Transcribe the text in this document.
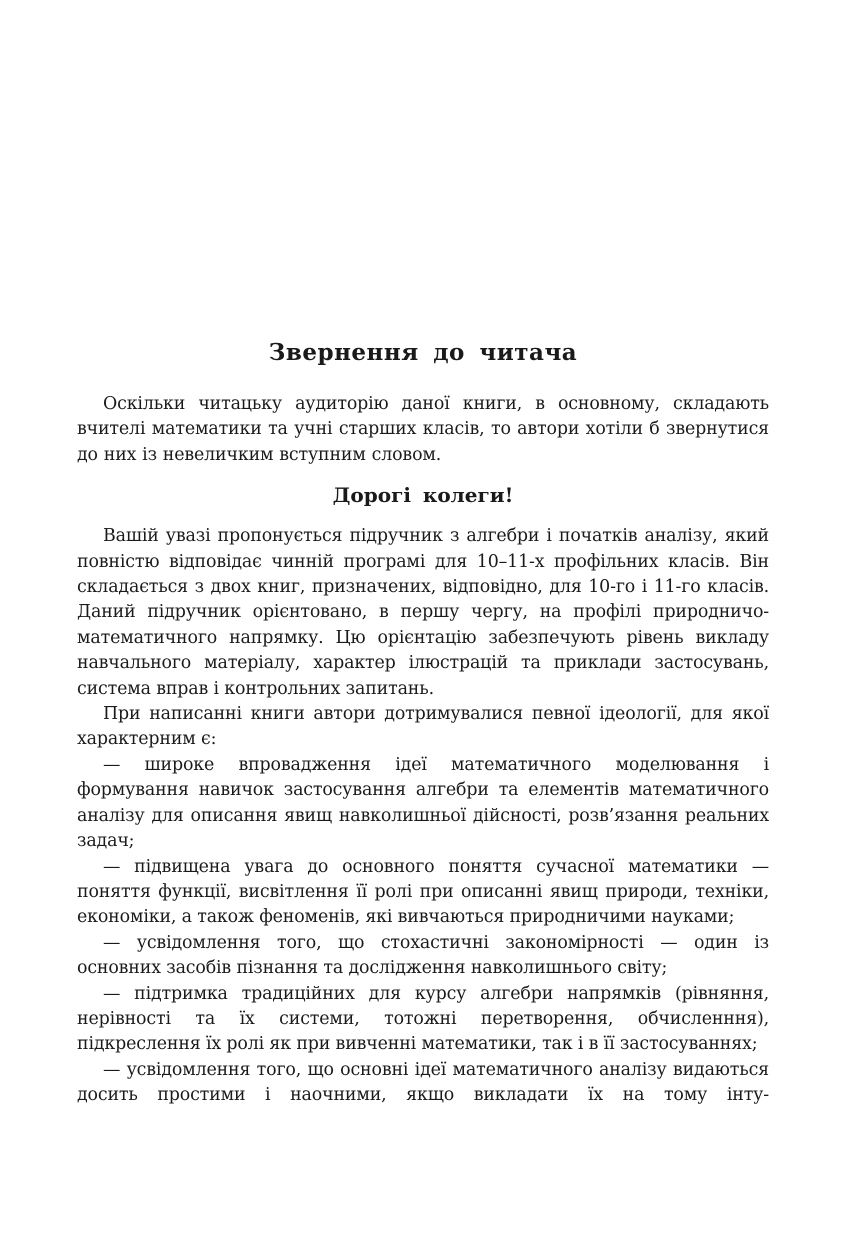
Звернення до читача

Оскільки читацьку аудиторію даної книги, в основному, складають вчителі математики та учні старших класів, то автори хотіли б звернутися до них із невеличким вступним словом.

Дорогі колеги!

Вашій увазі пропонується підручник з алгебри і початків аналізу, який повністю відповідає чинній програмі для 10–11-х профільних класів. Він складається з двох книг, призначених, відповідно, для 10-го і 11-го класів. Даний підручник орієнтовано, в першу чергу, на профілі природничо-математичного напрямку. Цю орієнтацію забезпечують рівень викладу навчального матеріалу, характер ілюстрацій та приклади застосувань, система вправ і контрольних запитань.

При написанні книги автори дотримувалися певної ідеології, для якої характерним є:

— широке впровадження ідеї математичного моделювання і формування навичок застосування алгебри та елементів математичного аналізу для описання явищ навколишньої дійсності, розв’язання реальних задач;

— підвищена увага до основного поняття сучасної математики — поняття функції, висвітлення її ролі при описанні явищ природи, техніки, економіки, а також феноменів, які вивчаються природничими науками;

— усвідомлення того, що стохастичні закономірності — один із основних засобів пізнання та дослідження навколишнього світу;

— підтримка традиційних для курсу алгебри напрямків (рівняння, нерівності та їх системи, тотожні перетворення, обчисленння), підкреслення їх ролі як при вивченні математики, так і в її застосуваннях;

— усвідомлення того, що основні ідеї математичного аналізу видаються досить простими і наочними, якщо викладати їх на тому інту-
